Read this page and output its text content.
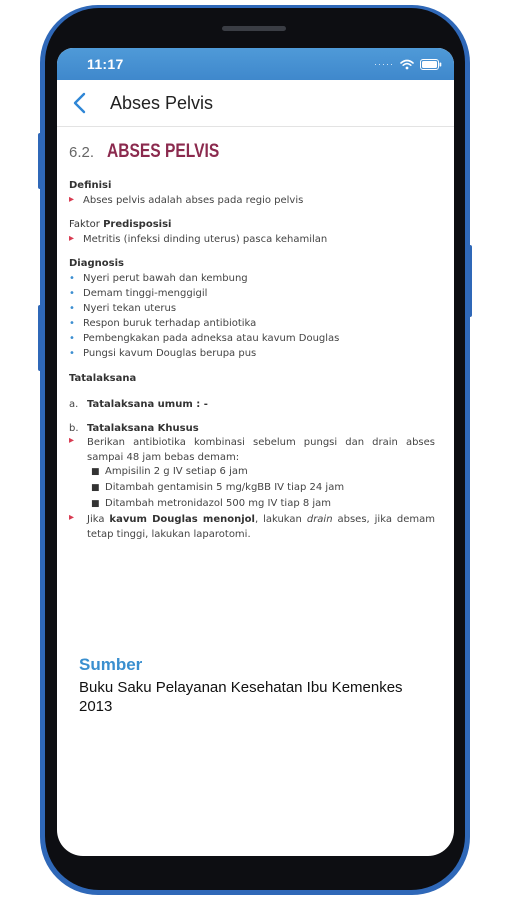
11:17	·····
Abses Pelvis
6.2. ABSES PELVIS
Definisi
▸ Abses pelvis adalah abses pada regio pelvis
Faktor Predisposisi
▸ Metritis (infeksi dinding uterus) pasca kehamilan
Diagnosis
• Nyeri perut bawah dan kembung
• Demam tinggi-menggigil
• Nyeri tekan uterus
• Respon buruk terhadap antibiotika
• Pembengkakan pada adneksa atau kavum Douglas
• Pungsi kavum Douglas berupa pus
Tatalaksana
a. Tatalaksana umum : -
b. Tatalaksana Khusus
▸ Berikan antibiotika kombinasi sebelum pungsi dan drain abses sampai 48 jam bebas demam:
■ Ampisilin 2 g IV setiap 6 jam
■ Ditambah gentamisin 5 mg/kgBB IV tiap 24 jam
■ Ditambah metronidazol 500 mg IV tiap 8 jam
▸ Jika kavum Douglas menonjol, lakukan drain abses, jika demam tetap tinggi, lakukan laparotomi.
Sumber
Buku Saku Pelayanan Kesehatan Ibu Kemenkes 2013
